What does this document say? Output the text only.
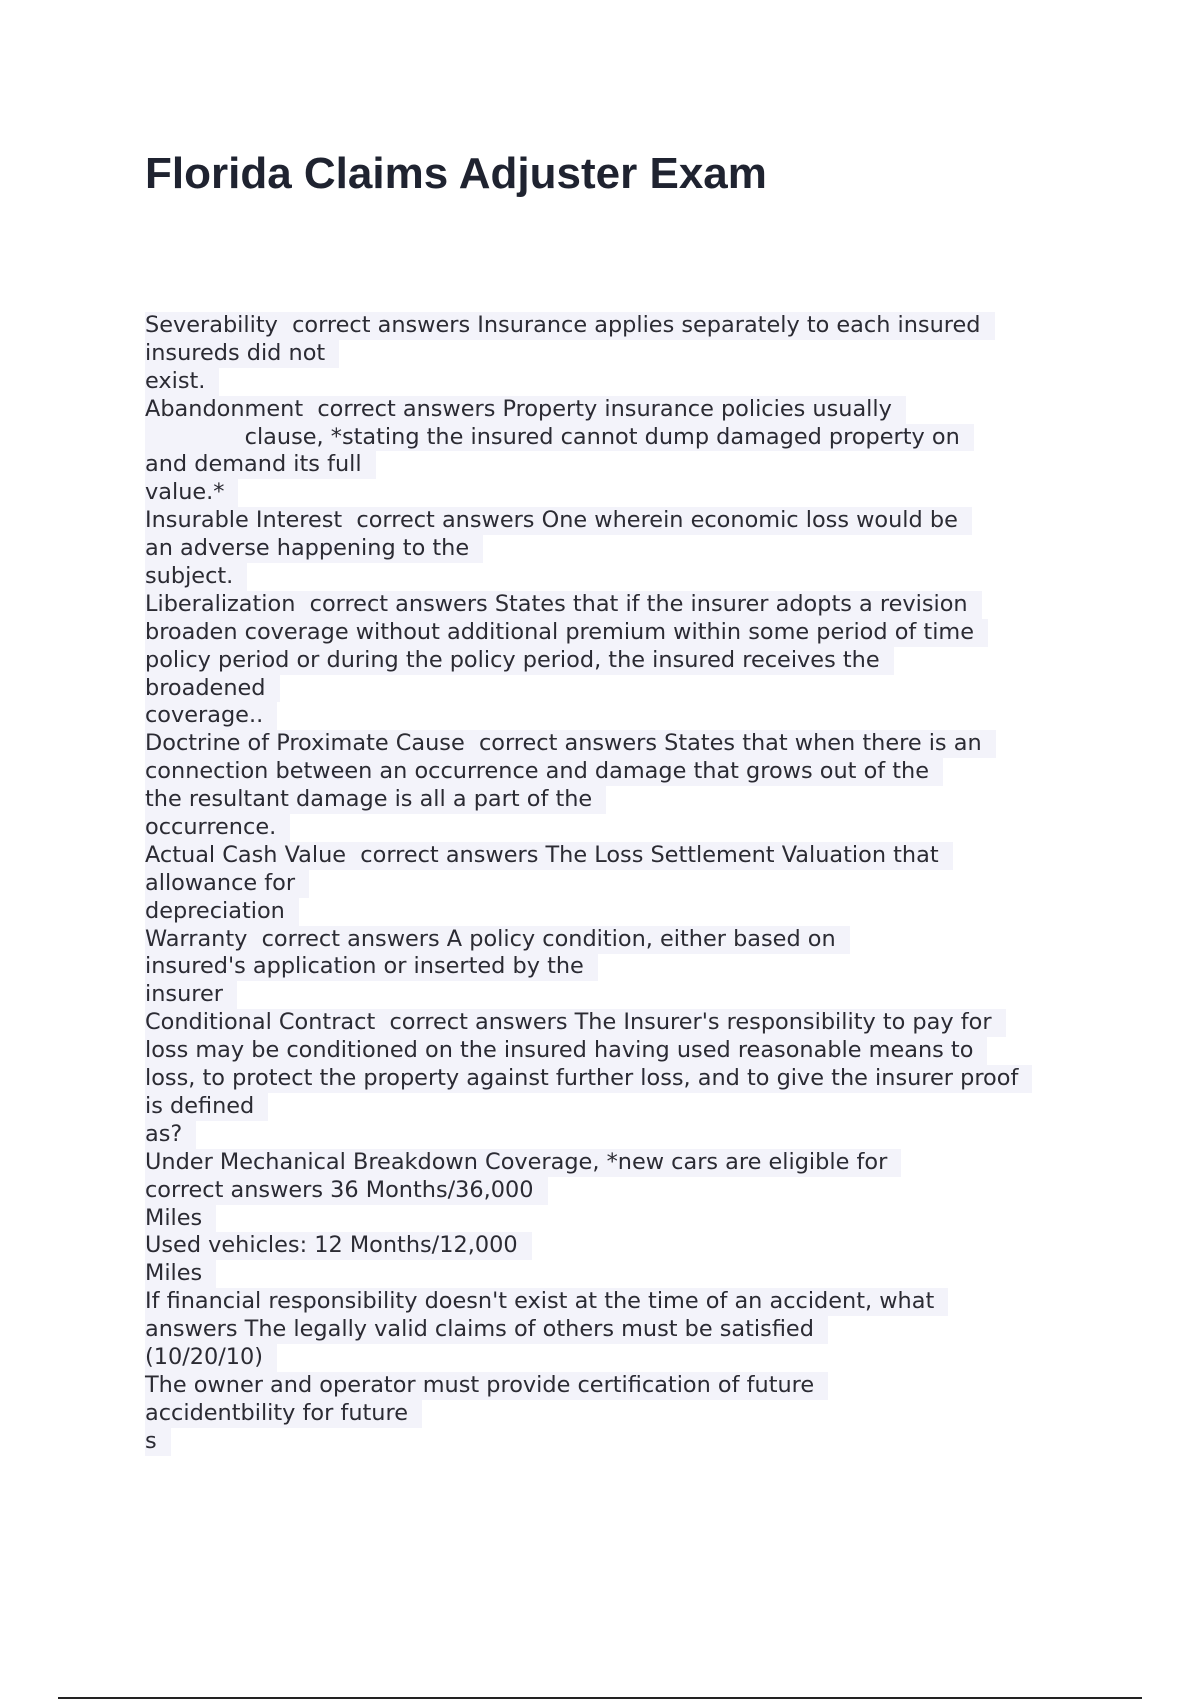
Florida Claims Adjuster Exam
Severability  correct answers Insurance applies separately to each insured
insureds did not
exist.
Abandonment  correct answers Property insurance policies usually
clause, *stating the insured cannot dump damaged property on
and demand its full
value.*
Insurable Interest  correct answers One wherein economic loss would be
an adverse happening to the
subject.
Liberalization  correct answers States that if the insurer adopts a revision
broaden coverage without additional premium within some period of time
policy period or during the policy period, the insured receives the
broadened
coverage..
Doctrine of Proximate Cause  correct answers States that when there is an
connection between an occurrence and damage that grows out of the
the resultant damage is all a part of the
occurrence.
Actual Cash Value  correct answers The Loss Settlement Valuation that
allowance for
depreciation
Warranty  correct answers A policy condition, either based on
insured's application or inserted by the
insurer
Conditional Contract  correct answers The Insurer's responsibility to pay for
loss may be conditioned on the insured having used reasonable means to
loss, to protect the property against further loss, and to give the insurer proof
is defined
as?
Under Mechanical Breakdown Coverage, *new cars are eligible for
correct answers 36 Months/36,000
Miles
Used vehicles: 12 Months/12,000
Miles
If financial responsibility doesn't exist at the time of an accident, what
answers The legally valid claims of others must be satisfied
(10/20/10)
The owner and operator must provide certification of future
accidentbility for future
s
